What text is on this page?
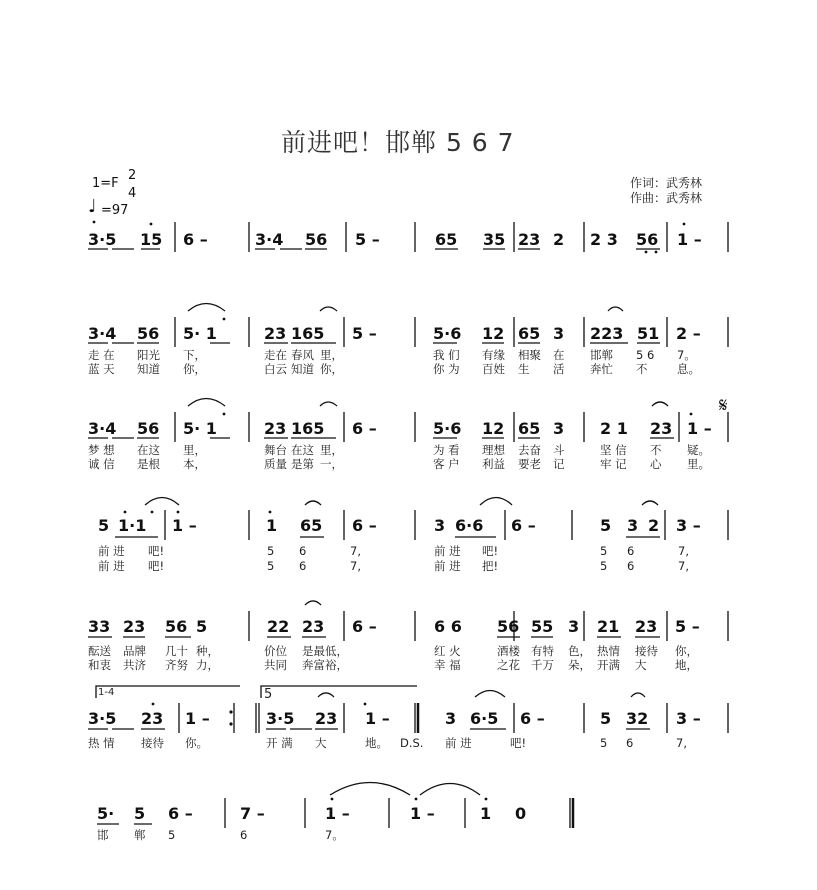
前进吧！邯郸 5 6 7
1=F
2
4
♩ =97
作词：武秀林
作曲：武秀林
𝄋
1-4	5
3·5 15 6 –	3·4 56 5 –	65 35 23 2 2 3 56 1 –
3·4 56 5· 1	23 165 5 –	5·6 12 65 3 223 51 2 –
走 在 阳光 下，	走在 春风 里，	我 们 有缘 相聚 在 邯郸 5 6 7。
蓝 天 知道 你，	白云 知道 你，	你 为 百姓 生 活 奔忙 不	息。
3·4 56 5· 1	23 165 6 –	5·6 12 65 3 2 1 23 1 –
梦 想 在这 里，	舞台 在这 里，	为 看 理想 去奋 斗	坚 信 不 疑。
诚 信 是根 本，	质量 是第 一，	客 户 利益 要老 记	牢 记 心 里。
5 1·1 1 –	1 65 6 –	3 6·6 6 –	5 3 2 3 –
前 进 吧!	5 6	7,	前 进 吧!	5 6	7,
前 进 吧!	5 6	7,	前 进 把!	5 6	7,
33 23 56 5	22 23 6 –	6 6 56 55 3 21 23 5 –
酝送 品牌 几十 种，	价位 是最 低，	红 火	酒楼 有特 色， 热情 接待 你，
和衷 共济 齐努 力，	共同 奔富 裕，	幸 福	之花 千万 朵， 开满 大 地，
3·5 23 1 –	3·5 23 1 –	3 6·5 6 –	5 32 3 –
热 情 接待 你。	开 满 大	地。 D.S. 前 进	吧!	5 6	7,
5· 5 6 –	7 –	1 –	1 –	1 0
邯 郸 5	6	7。
